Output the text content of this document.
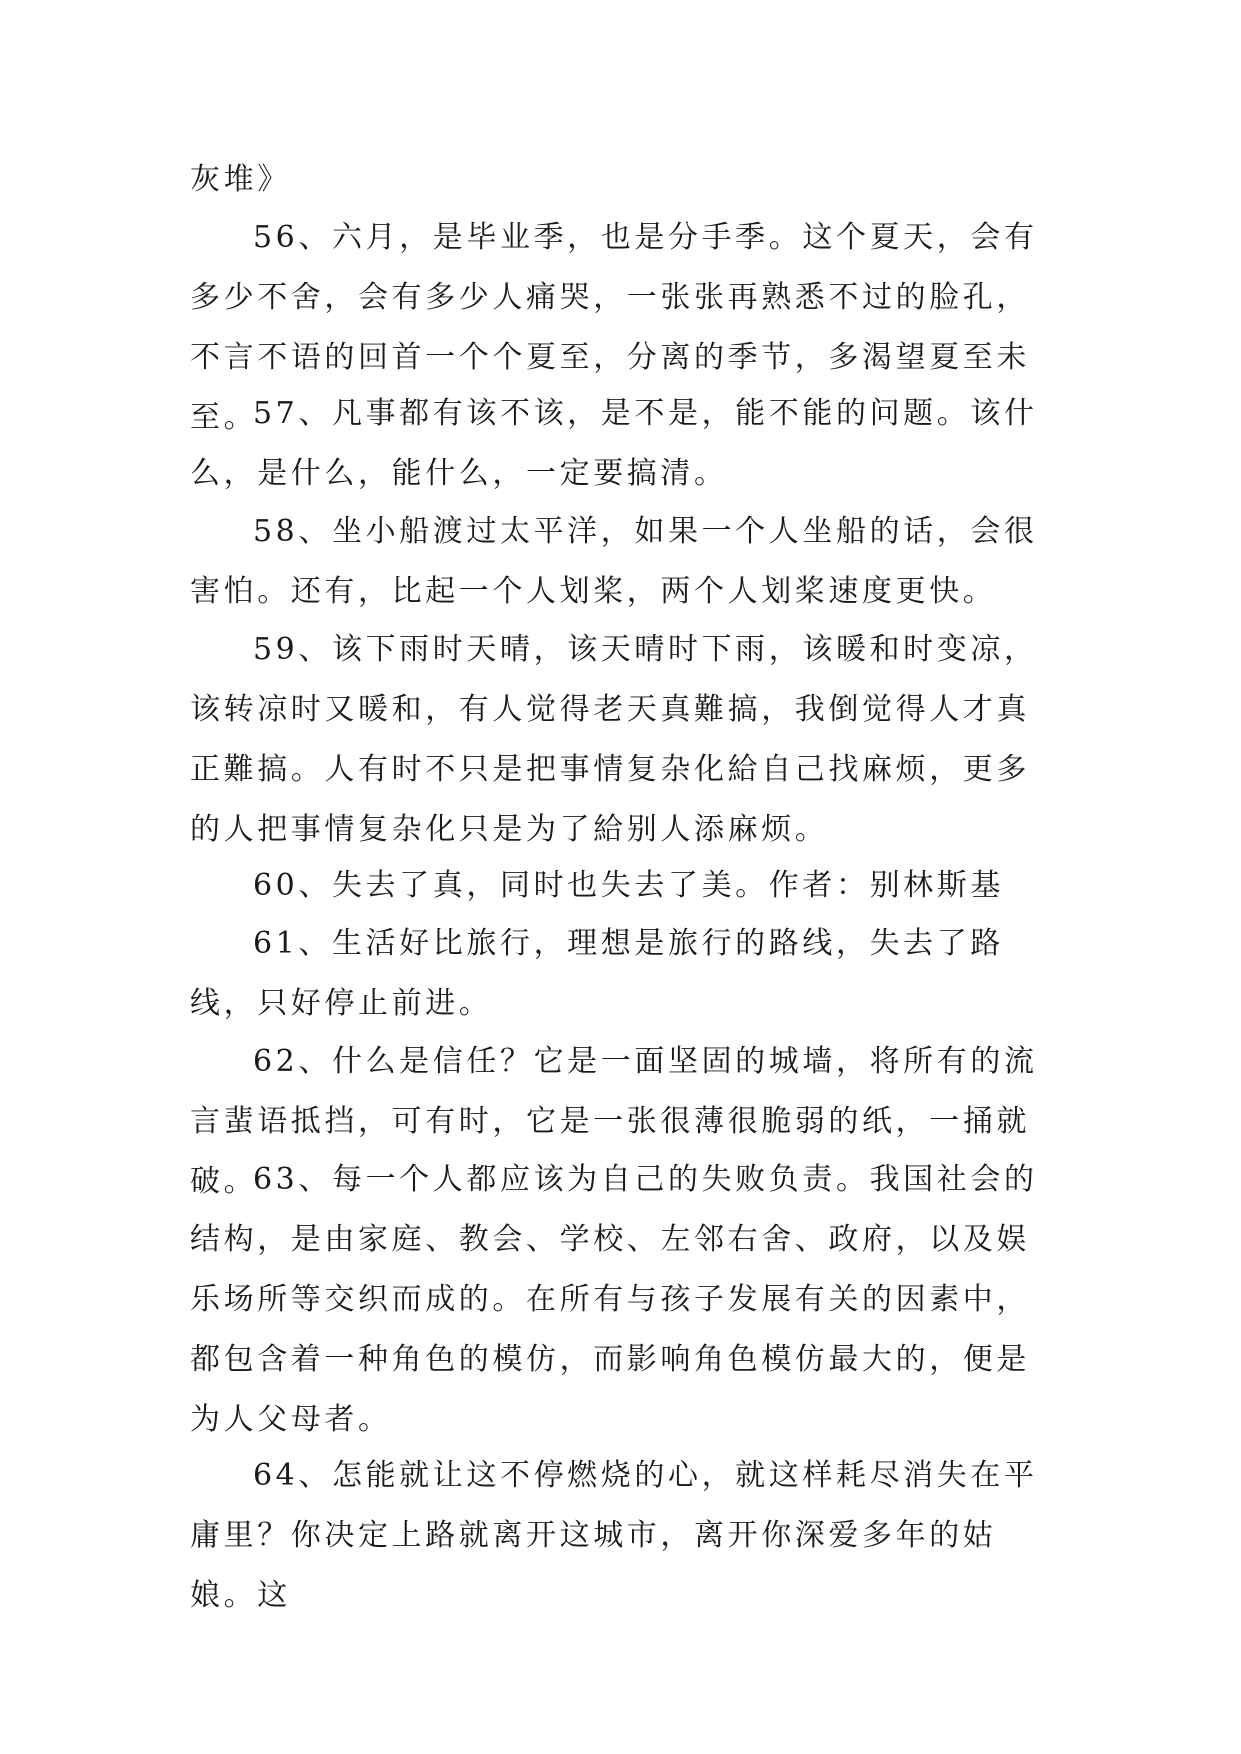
灰堆》
56、六月，是毕业季，也是分手季。这个夏天，会有多少不舍，会有多少人痛哭，一张张再熟悉不过的脸孔，不言不语的回首一个个夏至，分离的季节，多渴望夏至未至。
57、凡事都有该不该，是不是，能不能的问题。该什么，是什么，能什么，一定要搞清。
58、坐小船渡过太平洋，如果一个人坐船的话，会很害怕。还有，比起一个人划桨，两个人划桨速度更快。
59、该下雨时天晴，该天晴时下雨，该暖和时变凉，该转凉时又暖和，有人觉得老天真難搞，我倒觉得人才真正難搞。人有时不只是把事情复杂化給自己找麻烦，更多的人把事情复杂化只是为了給别人添麻烦。
60、失去了真，同时也失去了美。作者：别林斯基
61、生活好比旅行，理想是旅行的路线，失去了路线，只好停止前进。
62、什么是信任？它是一面坚固的城墙，将所有的流言蜚语抵挡，可有时，它是一张很薄很脆弱的纸，一捅就破。
63、每一个人都应该为自己的失败负责。我国社会的结构，是由家庭、教会、学校、左邻右舍、政府，以及娱乐场所等交织而成的。在所有与孩子发展有关的因素中，都包含着一种角色的模仿，而影响角色模仿最大的，便是为人父母者。
64、怎能就让这不停燃烧的心，就这样耗尽消失在平庸里？你决定上路就离开这城市，离开你深爱多年的姑娘。这
